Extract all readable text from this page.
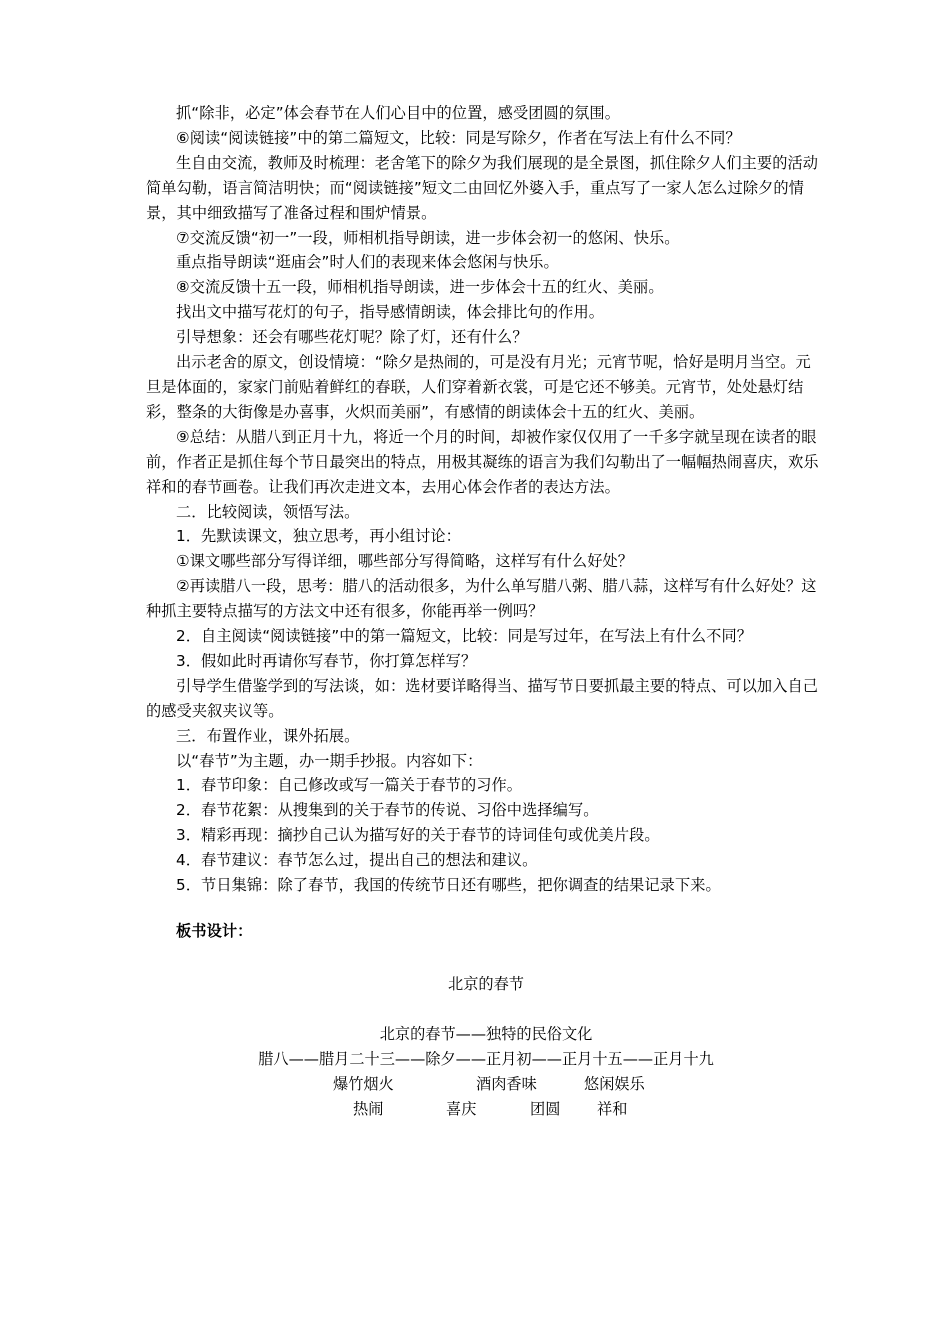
抓“除非，必定”体会春节在人们心目中的位置，感受团圆的氛围。

⑥阅读“阅读链接”中的第二篇短文，比较：同是写除夕，作者在写法上有什么不同？

生自由交流，教师及时梳理：老舍笔下的除夕为我们展现的是全景图，抓住除夕人们主要的活动简单勾勒，语言简洁明快；而“阅读链接”短文二由回忆外婆入手，重点写了一家人怎么过除夕的情景，其中细致描写了准备过程和围炉情景。

⑦交流反馈“初一”一段，师相机指导朗读，进一步体会初一的悠闲、快乐。

重点指导朗读“逛庙会”时人们的表现来体会悠闲与快乐。

⑧交流反馈十五一段，师相机指导朗读，进一步体会十五的红火、美丽。

找出文中描写花灯的句子，指导感情朗读，体会排比句的作用。

引导想象：还会有哪些花灯呢？除了灯，还有什么？

出示老舍的原文，创设情境：“除夕是热闹的，可是没有月光；元宵节呢，恰好是明月当空。元旦是体面的，家家门前贴着鲜红的春联，人们穿着新衣裳，可是它还不够美。元宵节，处处悬灯结彩，整条的大街像是办喜事，火炽而美丽”，有感情的朗读体会十五的红火、美丽。

⑨总结：从腊八到正月十九，将近一个月的时间，却被作家仅仅用了一千多字就呈现在读者的眼前，作者正是抓住每个节日最突出的特点，用极其凝练的语言为我们勾勒出了一幅幅热闹喜庆，欢乐祥和的春节画卷。让我们再次走进文本，去用心体会作者的表达方法。

二．比较阅读，领悟写法。

1．先默读课文，独立思考，再小组讨论：

①课文哪些部分写得详细，哪些部分写得简略，这样写有什么好处？

②再读腊八一段，思考：腊八的活动很多，为什么单写腊八粥、腊八蒜，这样写有什么好处？这种抓主要特点描写的方法文中还有很多，你能再举一例吗？

2．自主阅读“阅读链接”中的第一篇短文，比较：同是写过年，在写法上有什么不同？

3．假如此时再请你写春节，你打算怎样写？

引导学生借鉴学到的写法谈，如：选材要详略得当、描写节日要抓最主要的特点、可以加入自己的感受夹叙夹议等。

三．布置作业，课外拓展。

以“春节”为主题，办一期手抄报。内容如下：

1．春节印象：自己修改或写一篇关于春节的习作。

2．春节花絮：从搜集到的关于春节的传说、习俗中选择编写。

3．精彩再现：摘抄自己认为描写好的关于春节的诗词佳句或优美片段。

4．春节建议：春节怎么过，提出自己的想法和建议。

5．节日集锦：除了春节，我国的传统节日还有哪些，把你调查的结果记录下来。

板书设计：

北京的春节

北京的春节——独特的民俗文化

腊八——腊月二十三——除夕——正月初——正月十五——正月十九

爆竹烟火	酒肉香味	悠闲娱乐

热闹	喜庆	团圆 祥和
